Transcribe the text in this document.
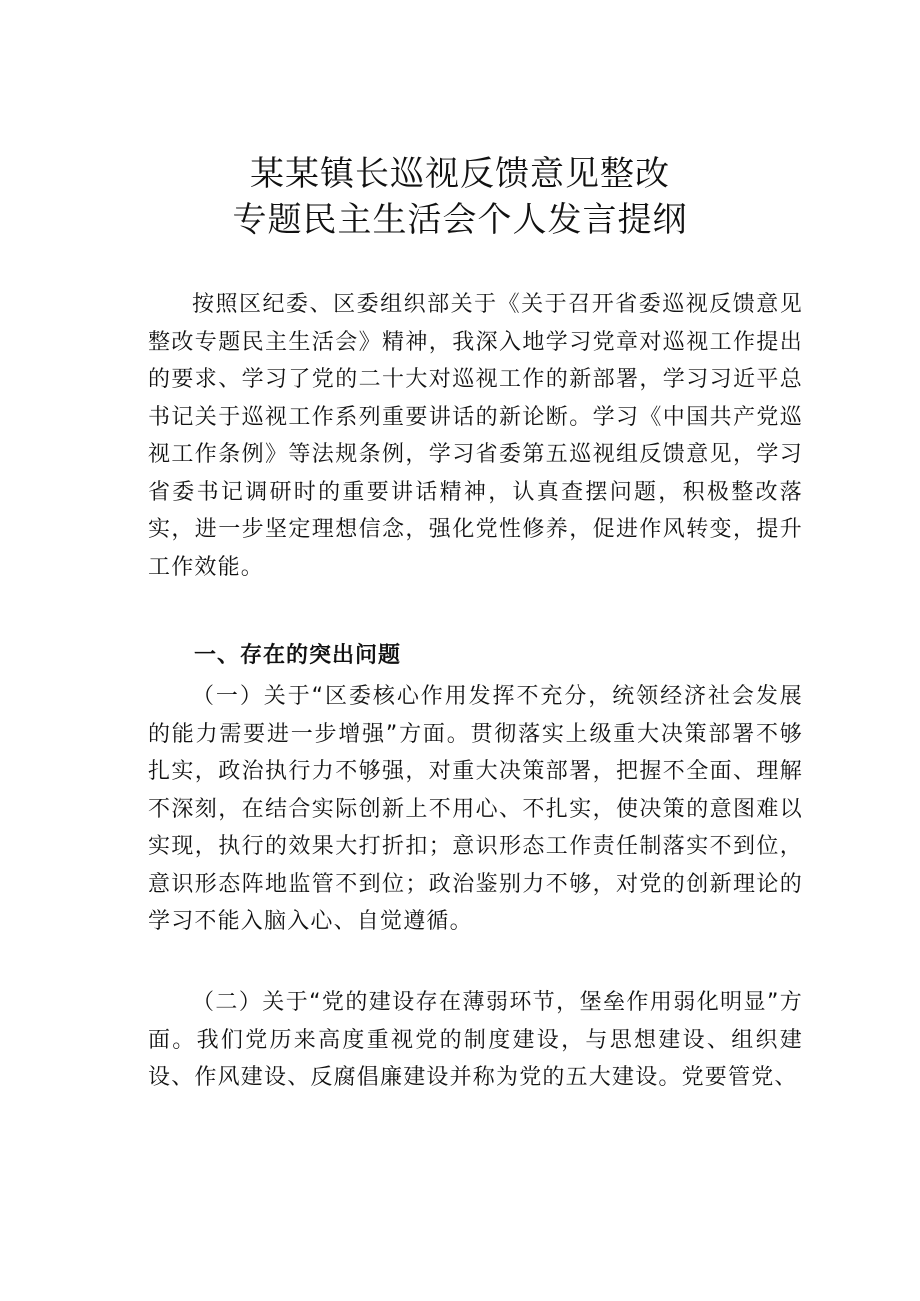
某某镇长巡视反馈意见整改
专题民主生活会个人发言提纲

按照区纪委、区委组织部关于《关于召开省委巡视反馈意见整改专题民主生活会》精神，我深入地学习党章对巡视工作提出的要求、学习了党的二十大对巡视工作的新部署，学习习近平总书记关于巡视工作系列重要讲话的新论断。学习《中国共产党巡视工作条例》等法规条例，学习省委第五巡视组反馈意见，学习省委书记调研时的重要讲话精神，认真查摆问题，积极整改落实，进一步坚定理想信念，强化党性修养，促进作风转变，提升工作效能。

一、存在的突出问题

（一）关于“区委核心作用发挥不充分，统领经济社会发展的能力需要进一步增强”方面。贯彻落实上级重大决策部署不够扎实，政治执行力不够强，对重大决策部署，把握不全面、理解不深刻，在结合实际创新上不用心、不扎实，使决策的意图难以实现，执行的效果大打折扣；意识形态工作责任制落实不到位，意识形态阵地监管不到位；政治鉴别力不够，对党的创新理论的学习不能入脑入心、自觉遵循。

（二）关于“党的建设存在薄弱环节，堡垒作用弱化明显”方面。我们党历来高度重视党的制度建设，与思想建设、组织建设、作风建设、反腐倡廉建设并称为党的五大建设。党要管党、
